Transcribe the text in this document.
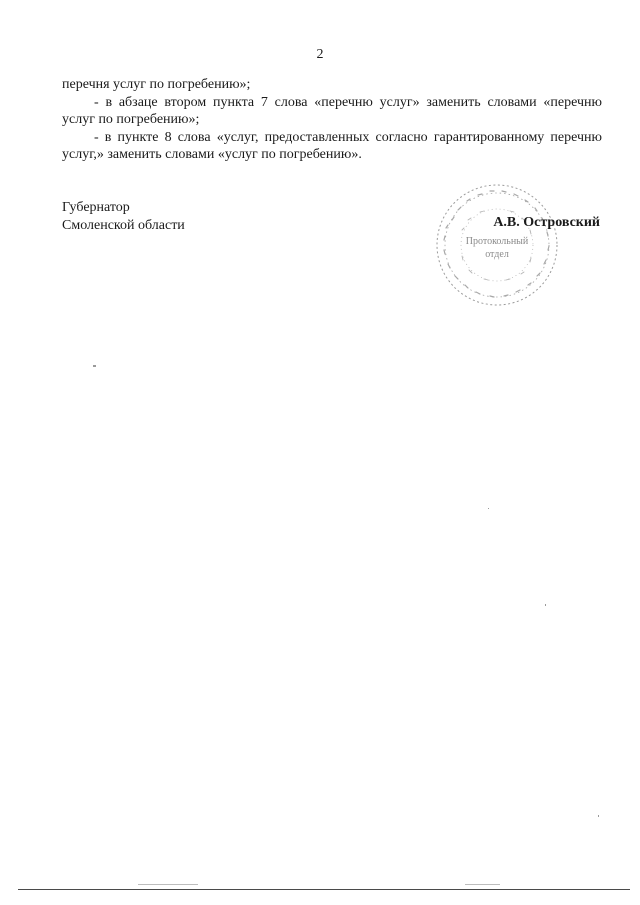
2

перечня услуг по погребению»;

- в абзаце втором пункта 7 слова «перечню услуг» заменить словами «перечню услуг по погребению»;

- в пункте 8 слова «услуг, предоставленных согласно гарантированному перечню услуг,» заменить словами «услуг по погребению».

Губернатор
Смоленской области
Протокольный
отдел
А.В. Островский
